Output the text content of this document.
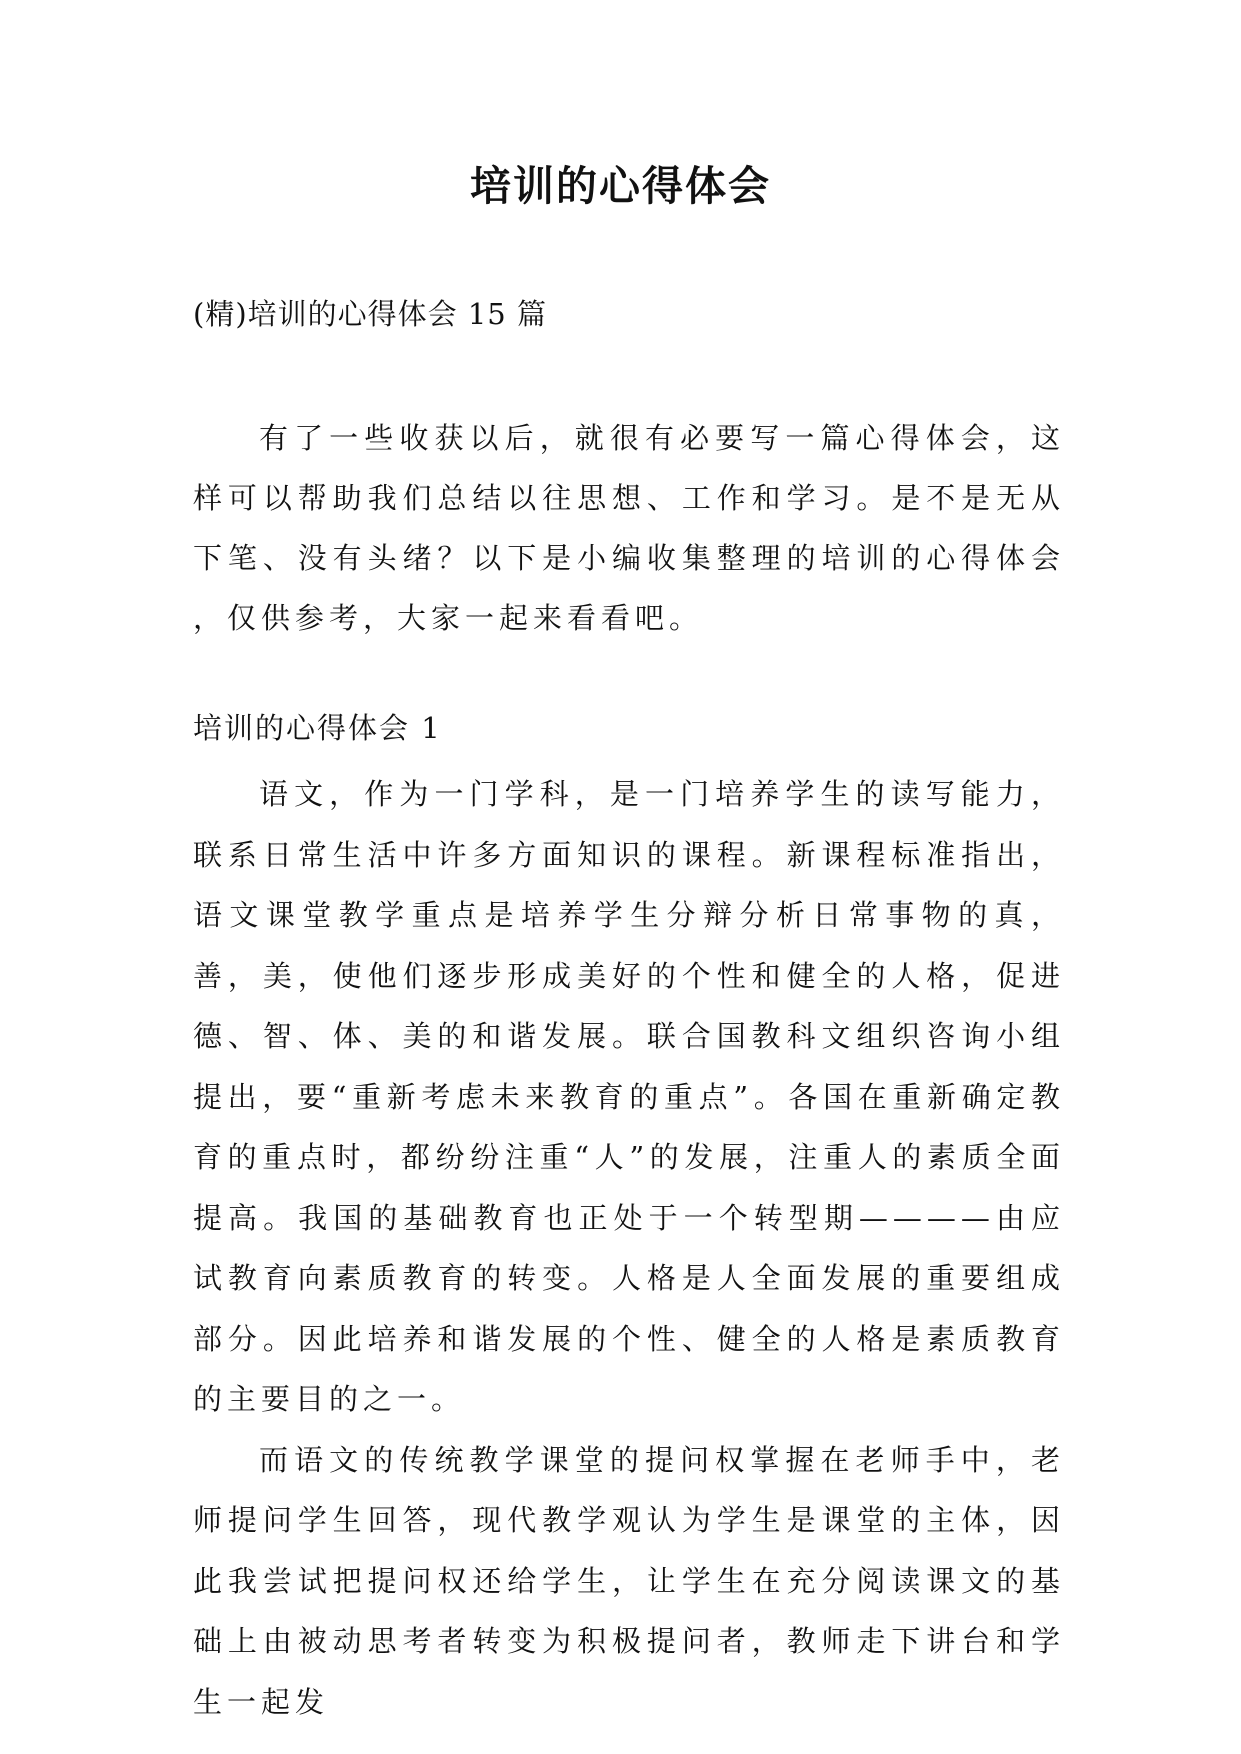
培训的心得体会

(精)培训的心得体会 15 篇

有了一些收获以后，就很有必要写一篇心得体会，这样可以帮助我们总结以往思想、工作和学习。是不是无从下笔、没有头绪？以下是小编收集整理的培训的心得体会 ，仅供参考，大家一起来看看吧。

培训的心得体会 1

语文，作为一门学科，是一门培养学生的读写能力，联系日常生活中许多方面知识的课程。新课程标准指出，语文课堂教学重点是培养学生分辩分析日常事物的真，善，美，使他们逐步形成美好的个性和健全的人格，促进德、智、体、美的和谐发展。联合国教科文组织咨询小组提出，要“重新考虑未来教育的重点”。各国在重新确定教育的重点时，都纷纷注重“人”的发展，注重人的素质全面提高。我国的基础教育也正处于一个转型期————由应试教育向素质教育的转变。人格是人全面发展的重要组成部分。因此培养和谐发展的个性、健全的人格是素质教育的主要目的之一。

而语文的传统教学课堂的提问权掌握在老师手中，老师提问学生回答，现代教学观认为学生是课堂的主体，因此我尝试把提问权还给学生，让学生在充分阅读课文的基础上由被动思考者转变为积极提问者，教师走下讲台和学生一起发
